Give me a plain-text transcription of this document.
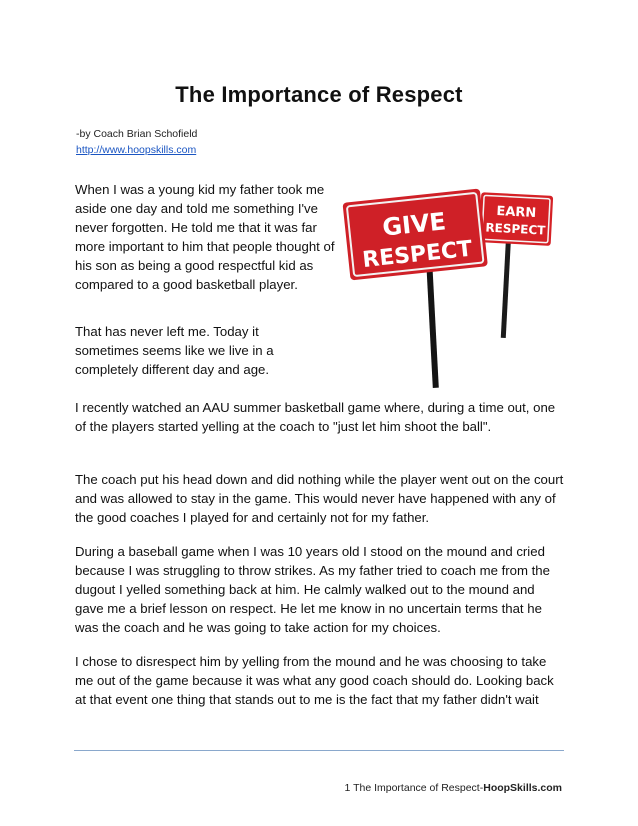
The Importance of Respect
-by Coach Brian Schofield
http://www.hoopskills.com

When I was a young kid my father took me aside one day and told me something I've never forgotten. He told me that it was far more important to him that people thought of his son as being a good respectful kid as compared to a good basketball player.

That has never left me. Today it sometimes seems like we live in a completely different day and age.

I recently watched an AAU summer basketball game where, during a time out, one of the players started yelling at the coach to "just let him shoot the ball".

The coach put his head down and did nothing while the player went out on the court and was allowed to stay in the game. This would never have happened with any of the good coaches I played for and certainly not for my father.

During a baseball game when I was 10 years old I stood on the mound and cried because I was struggling to throw strikes. As my father tried to coach me from the dugout I yelled something back at him. He calmly walked out to the mound and gave me a brief lesson on respect. He let me know in no uncertain terms that he was the coach and he was going to take action for my choices.

I chose to disrespect him by yelling from the mound and he was choosing to take me out of the game because it was what any good coach should do. Looking back at that event one thing that stands out to me is the fact that my father didn't wait

EARN
RESPECT
GIVE
RESPECT
1 The Importance of Respect-HoopSkills.com
